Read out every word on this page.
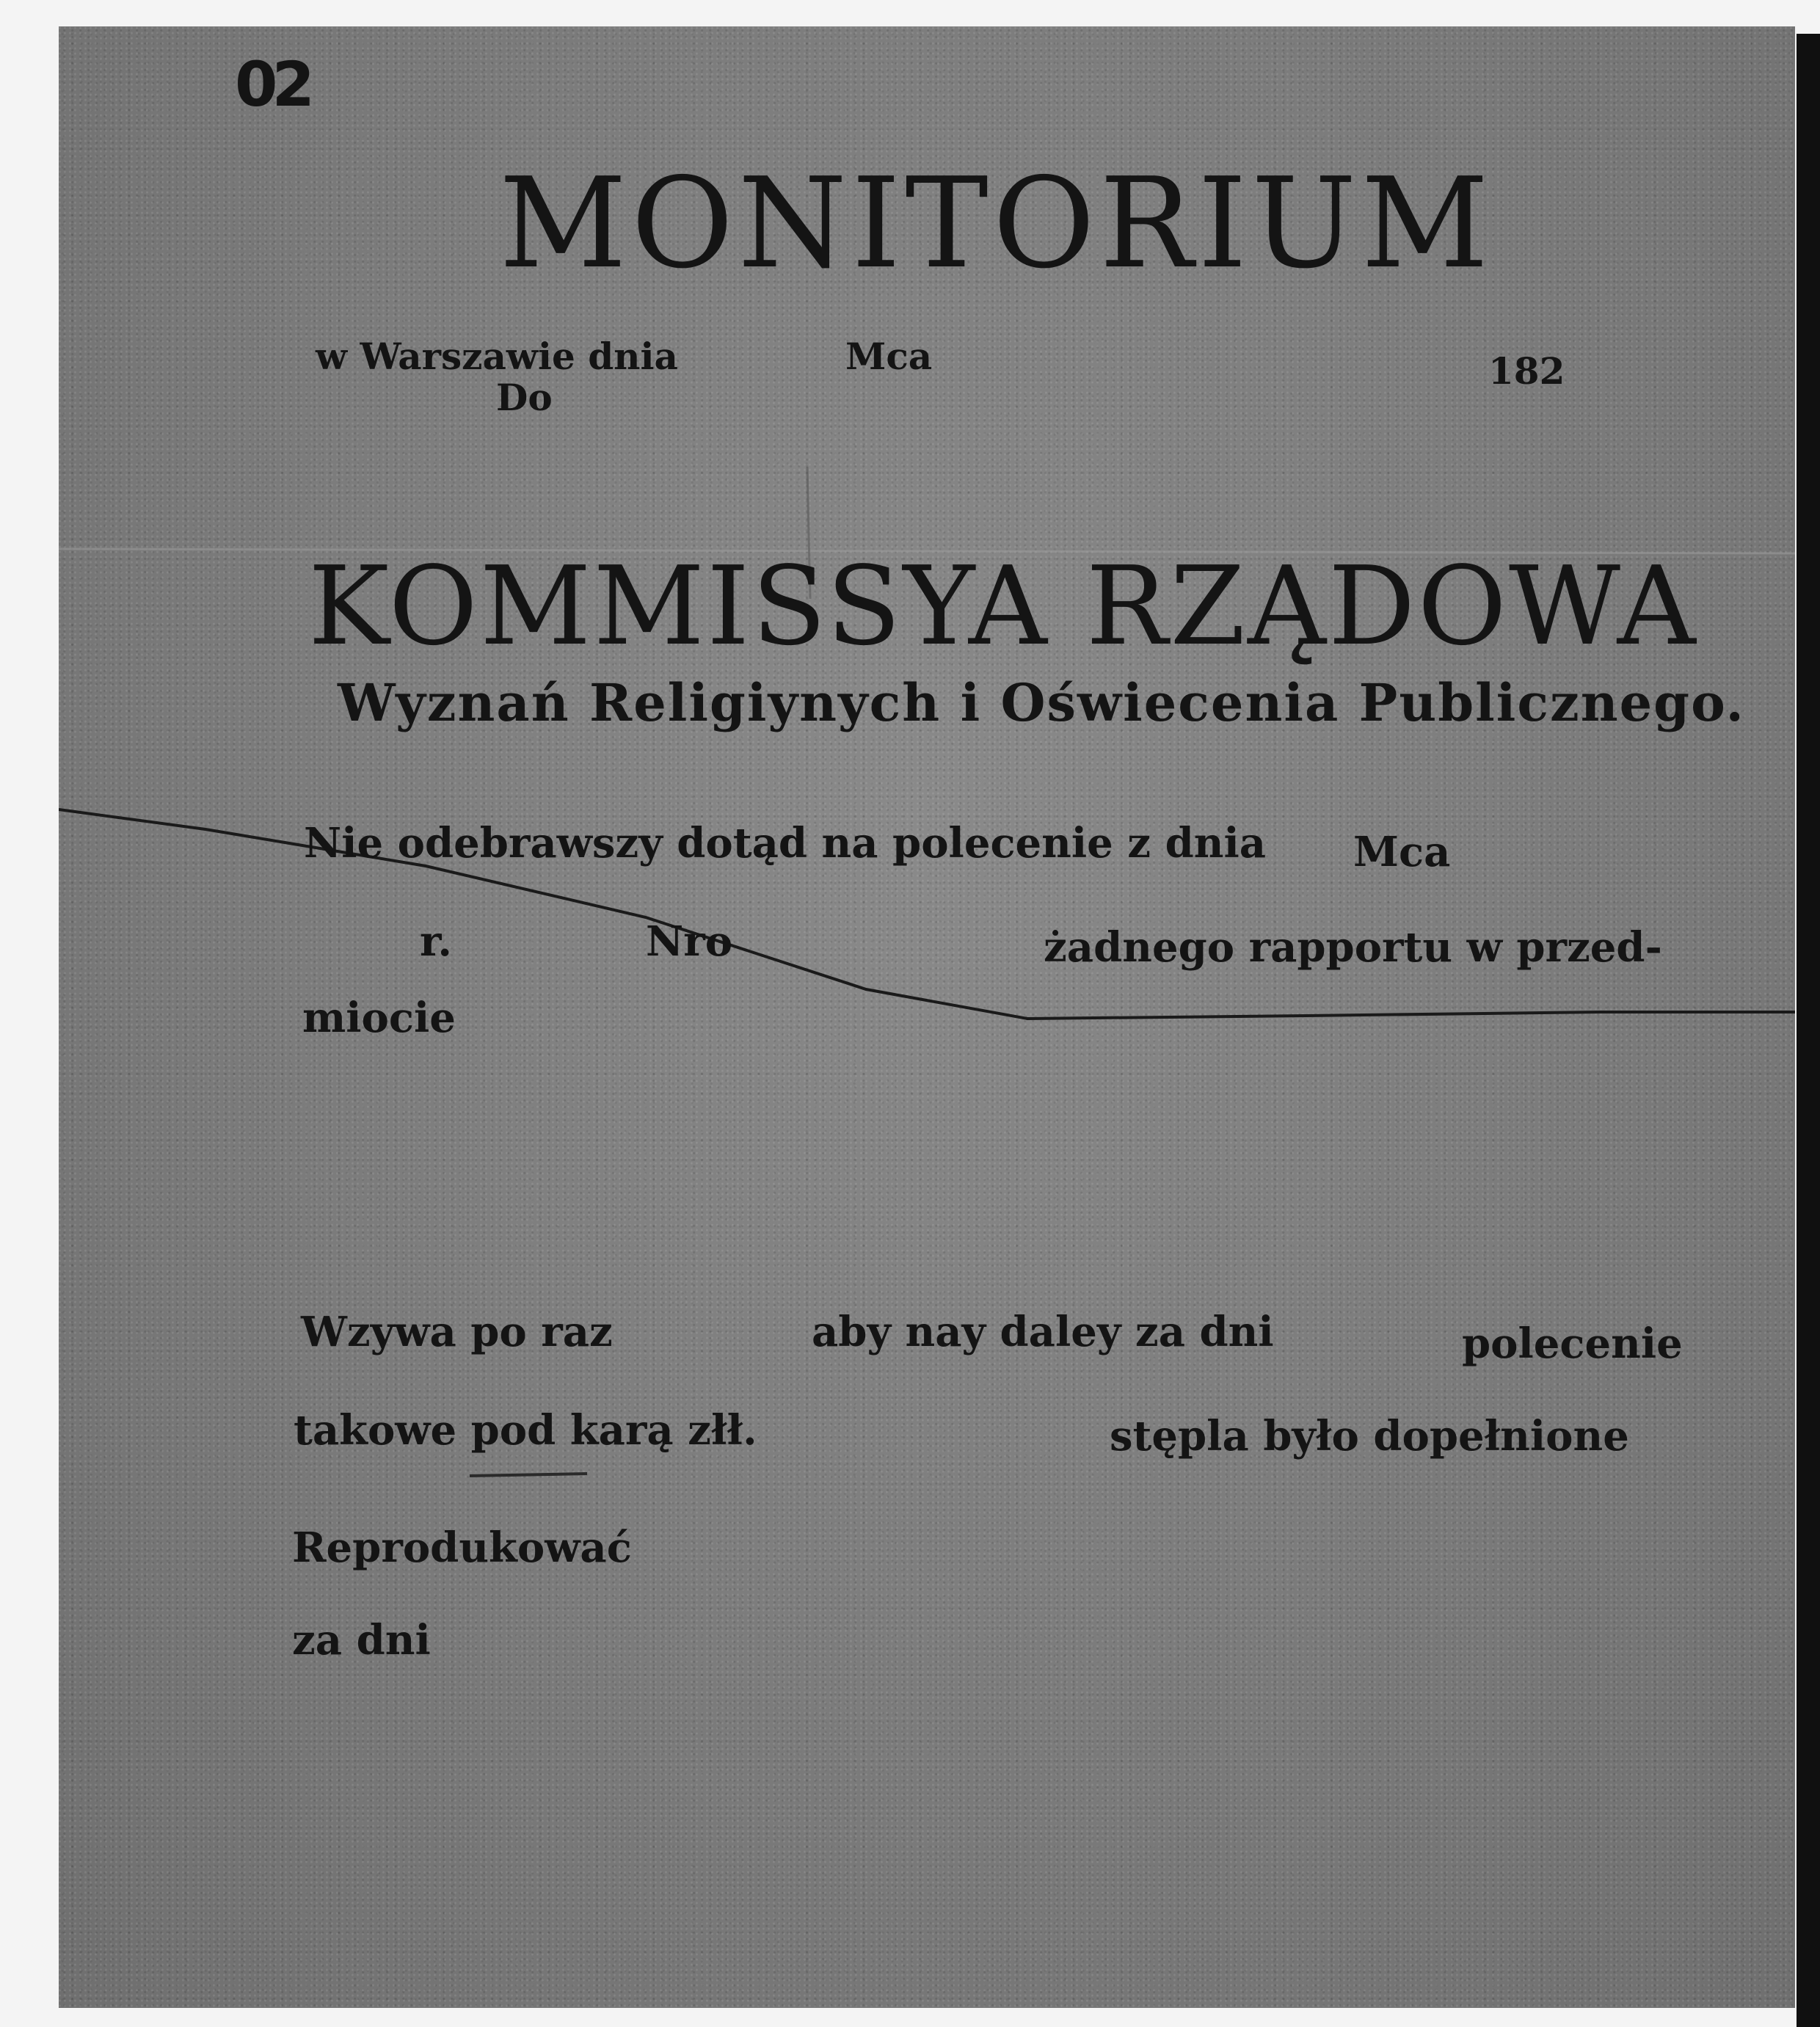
02
MONITORIUM
w Warszawie dnia	Mca	182
Do
KOMMISSYA RZĄDOWA
Wyznań Religiynych i Oświecenia Publicznego.
Nie odebrawszy dotąd na polecenie z dnia Mca
r.	Nro	żadnego rapportu w przed-
miocie
Wzywa po raz	aby nay daley za dni	polecenie
takowe pod karą złł.	stępla było dopełnione
Reprodukować
za dni
